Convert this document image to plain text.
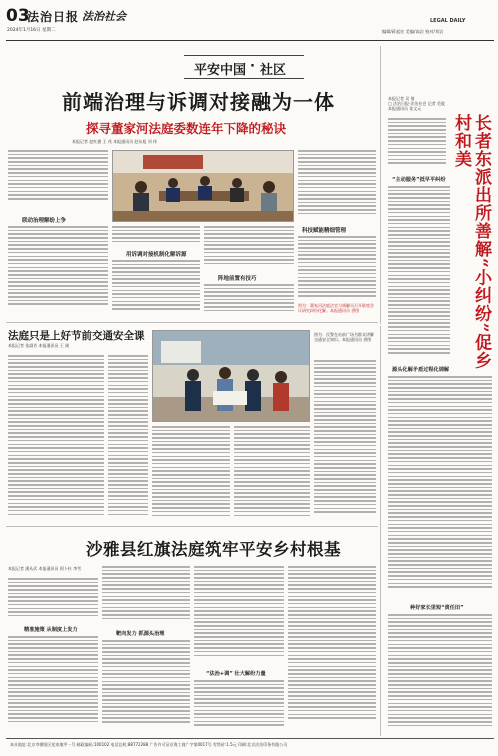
03
法治日报 法治社会
2024年1月16日 星期二
LEGAL DAILY
编辑/蒋起宏 美编/高岩 校对/刘岩
平安中国 · 社区
前端治理与诉调对接融为一体
探寻董家河法庭委数连年下降的秘诀
本报记者 赵红旗 王 茂 本报通讯员 赵东旭 刘 伟
联动治理解纷上争
用诉调对接机制化解诉源
阵地前置有技巧
科技赋能精细管理
图为：董家河法庭法官与调解员召开联席会议研究纠纷化解。本报通讯员 供图
本报记者 吴 倩
□ 法治日报·法治社会 记者 毛俊
本报通讯员 张文元
长者东派出所善解“小纠纷”促乡村和美
“主动服务”抵早平纠纷
源头化解矛盾过程化调解
种好家长里短“责任田”
法庭只是上好节前交通安全课
本报记者 张淑芳 本报通讯员 王 刚
图为：民警在站前广场为群众讲解交通安全知识。本报通讯员 供图
沙雅县红旗法庭筑牢平安乡村根基
本报记者 潘从武 本报通讯员 阿卜杜 李雪
精准施策 从制度上发力
靶向发力 抓源头治理
“法治+调” 壮大解纷力量
本社地址:北京市朝阳区花家地甲一号 邮政编码:100102 电话总机:88772288 广告许可证京海工商广字第0017号 零售价:1.5元 印刷:北京法治印务有限公司
